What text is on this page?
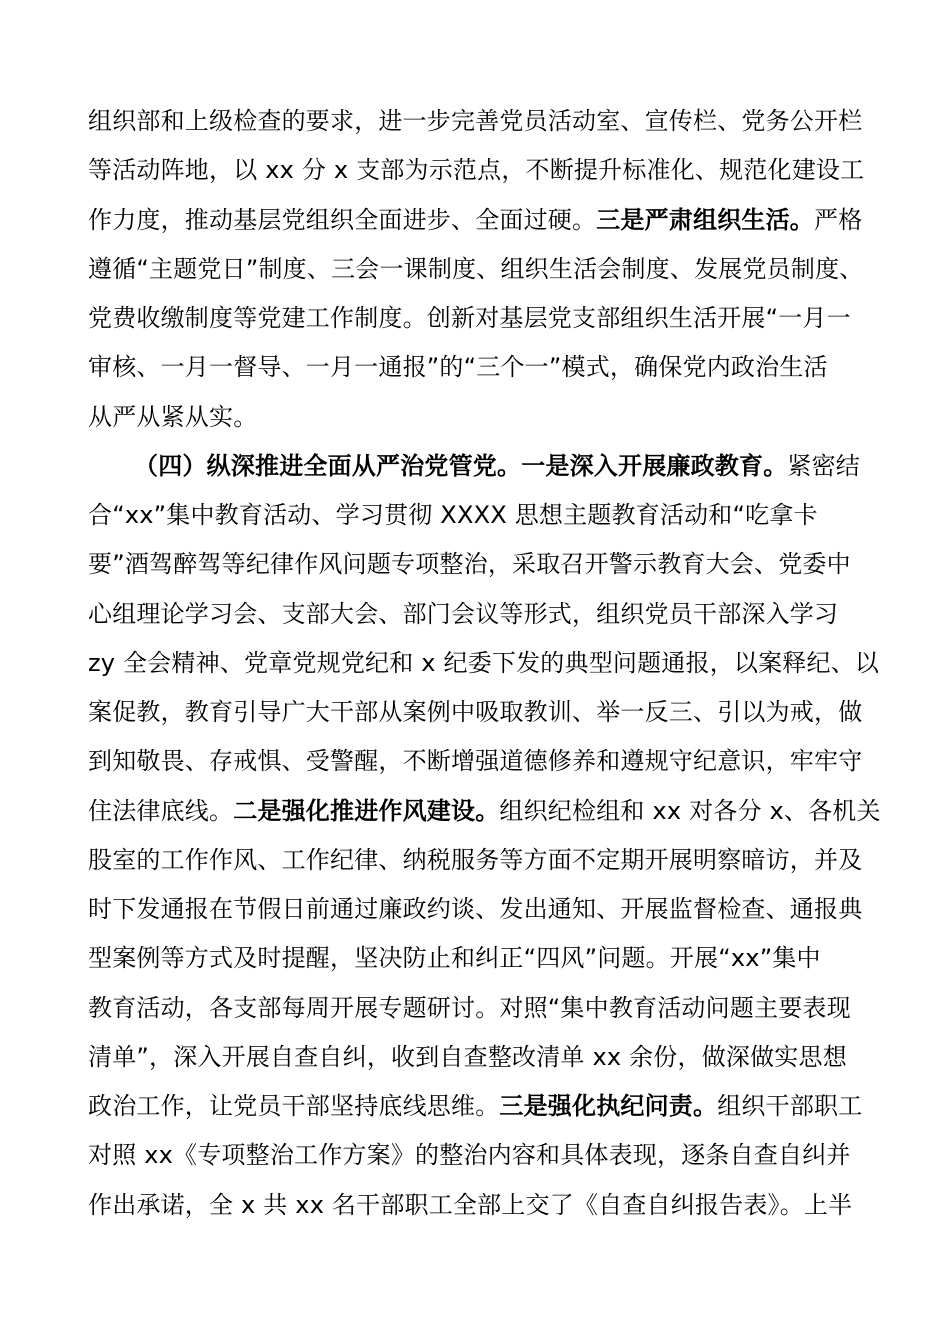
组织部和上级检查的要求，进一步完善党员活动室、宣传栏、党务公开栏
等活动阵地，以 xx 分 x 支部为示范点，不断提升标准化、规范化建设工
作力度，推动基层党组织全面进步、全面过硬。三是严肃组织生活。严格
遵循“主题党日”制度、三会一课制度、组织生活会制度、发展党员制度、
党费收缴制度等党建工作制度。创新对基层党支部组织生活开展“一月一
审核、一月一督导、一月一通报”的“三个一”模式，确保党内政治生活
从严从紧从实。
（四）纵深推进全面从严治党管党。一是深入开展廉政教育。紧密结
合“xx”集中教育活动、学习贯彻 XXXX 思想主题教育活动和“吃拿卡
要”酒驾醉驾等纪律作风问题专项整治，采取召开警示教育大会、党委中
心组理论学习会、支部大会、部门会议等形式，组织党员干部深入学习
zy 全会精神、党章党规党纪和 x 纪委下发的典型问题通报，以案释纪、以
案促教，教育引导广大干部从案例中吸取教训、举一反三、引以为戒，做
到知敬畏、存戒惧、受警醒，不断增强道德修养和遵规守纪意识，牢牢守
住法律底线。二是强化推进作风建设。组织纪检组和 xx 对各分 x、各机关
股室的工作作风、工作纪律、纳税服务等方面不定期开展明察暗访，并及
时下发通报在节假日前通过廉政约谈、发出通知、开展监督检查、通报典
型案例等方式及时提醒，坚决防止和纠正“四风”问题。开展“xx”集中
教育活动，各支部每周开展专题研讨。对照“集中教育活动问题主要表现
清单”，深入开展自查自纠，收到自查整改清单 xx 余份，做深做实思想
政治工作，让党员干部坚持底线思维。三是强化执纪问责。组织干部职工
对照 xx《专项整治工作方案》的整治内容和具体表现，逐条自查自纠并
作出承诺，全 x 共 xx 名干部职工全部上交了《自查自纠报告表》。上半
